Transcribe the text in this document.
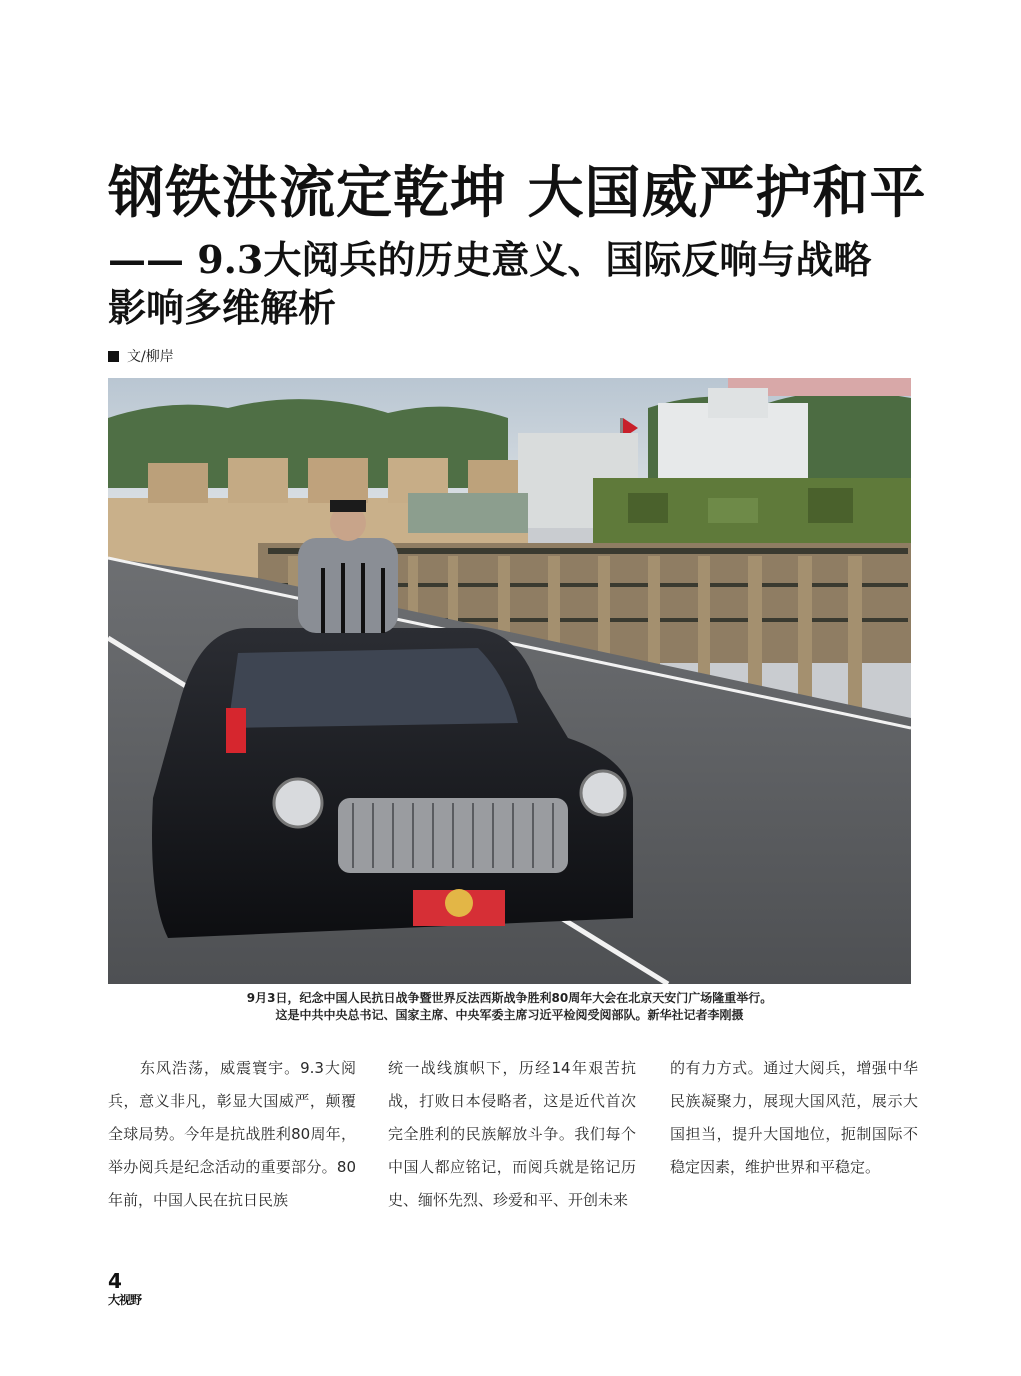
钢铁洪流定乾坤 大国威严护和平
—— 9.3大阅兵的历史意义、国际反响与战略影响多维解析
文/柳岸
9月3日，纪念中国人民抗日战争暨世界反法西斯战争胜利80周年大会在北京天安门广场隆重举行。
这是中共中央总书记、国家主席、中央军委主席习近平检阅受阅部队。新华社记者李刚摄
　　东风浩荡，威震寰宇。9.3大阅兵，意义非凡，彰显大国威严，颠覆全球局势。今年是抗战胜利80周年，举办阅兵是纪念活动的重要部分。80年前，中国人民在抗日民族
统一战线旗帜下，历经14年艰苦抗战，打败日本侵略者，这是近代首次完全胜利的民族解放斗争。我们每个中国人都应铭记，而阅兵就是铭记历史、缅怀先烈、珍爱和平、开创未来
的有力方式。通过大阅兵，增强中华民族凝聚力，展现大国风范，展示大国担当，提升大国地位，扼制国际不稳定因素，维护世界和平稳定。
4
大视野
